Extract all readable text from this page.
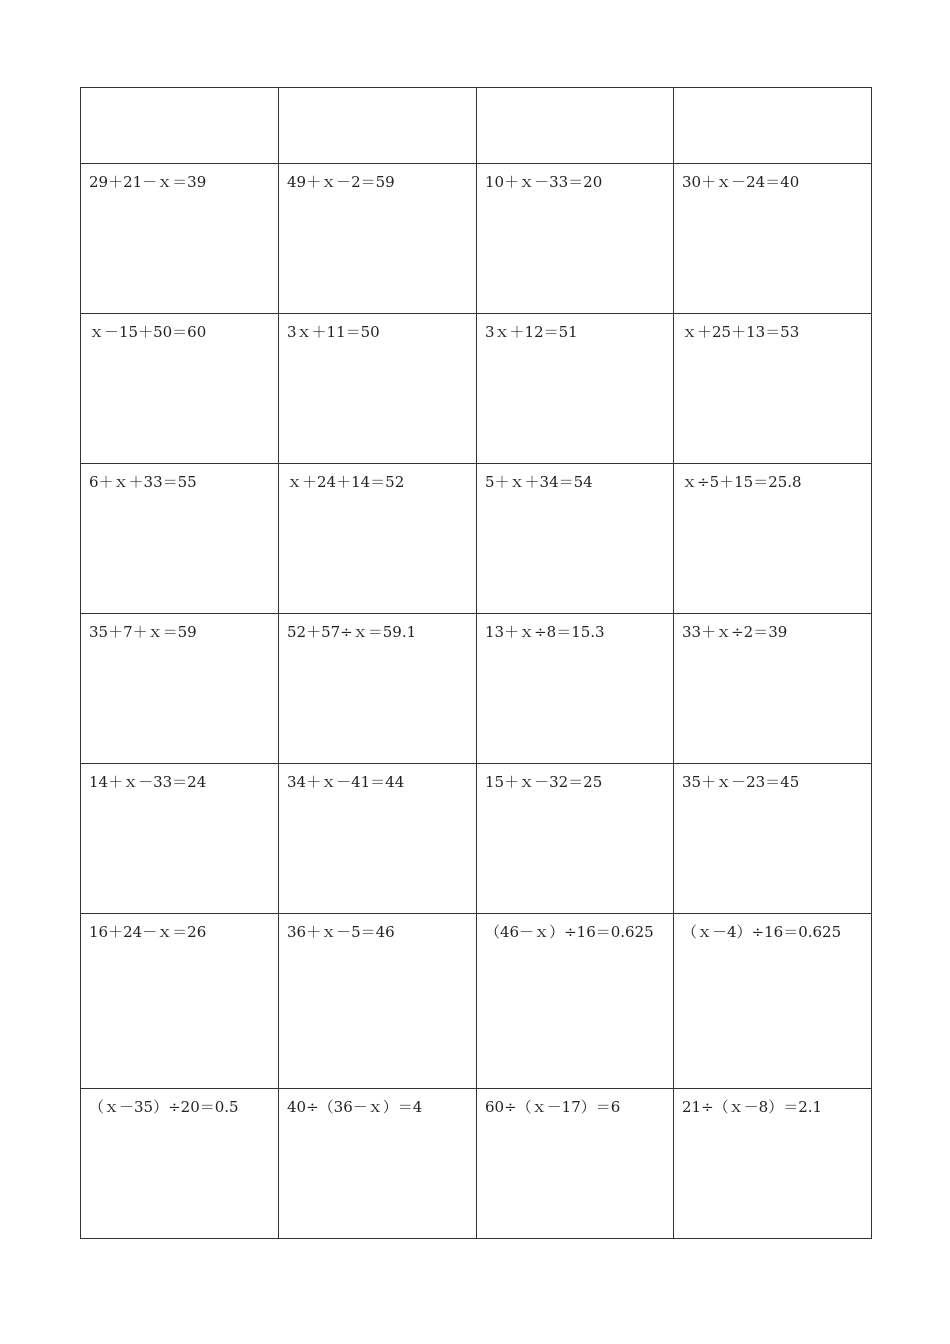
29＋21－ｘ＝39	49＋ｘ－2＝59	10＋ｘ－33＝20	30＋ｘ－24＝40
ｘ－15＋50＝60	3ｘ＋11＝50	3ｘ＋12＝51	ｘ＋25＋13＝53
6＋ｘ＋33＝55	ｘ＋24＋14＝52	5＋ｘ＋34＝54	ｘ÷5＋15＝25.8
35＋7＋ｘ＝59	52＋57÷ｘ＝59.1	13＋ｘ÷8＝15.3	33＋ｘ÷2＝39
14＋ｘ－33＝24	34＋ｘ－41＝44	15＋ｘ－32＝25	35＋ｘ－23＝45
16＋24－ｘ＝26	36＋ｘ－5＝46	（46－ｘ）÷16＝0.625	（ｘ－4）÷16＝0.625
（ｘ－35）÷20＝0.5	40÷（36－ｘ）＝4	60÷（ｘ－17）＝6	21÷（ｘ－8）＝2.1
